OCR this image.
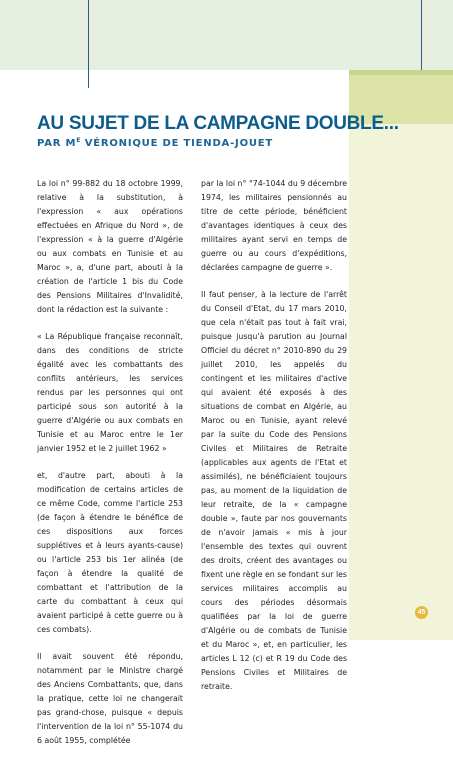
AU SUJET DE LA CAMPAGNE DOUBLE...
PAR $M^E$ VÉRONIQUE DE TIENDA-JOUET

La loi n° 99-882 du 18 octobre 1999, relative à la substitution, à l'expression « aux opérations effectuées en Afrique du Nord », de l'expression « à la guerre d'Algérie ou aux combats en Tunisie et au Maroc », a, d'une part, abouti à la création de l'article 1 bis du Code des Pensions Militaires d'Invalidité, dont la rédaction est la suivante :

« La République française reconnaît, dans des conditions de stricte égalité avec les combattants des conflits antérieurs, les services rendus par les personnes qui ont participé sous son autorité à la guerre d'Algérie ou aux combats en Tunisie et au Maroc entre le 1er janvier 1952 et le 2 juillet 1962 »

et, d'autre part, abouti à la modification de certains articles de ce même Code, comme l'article 253 (de façon à étendre le bénéfice de ces dispositions aux forces supplétives et à leurs ayants-cause) ou l'article 253 bis 1er alinéa (de façon à étendre la qualité de combattant et l'attribution de la carte du combattant à ceux qui avaient participé à cette guerre ou à ces combats).

Il avait souvent été répondu, notamment par le Ministre chargé des Anciens Combattants, que, dans la pratique, cette loi ne changerait pas grand-chose, puisque « depuis l'intervention de la loi n° 55-1074 du 6 août 1955, complétée

par la loi n° °74-1044 du 9 décembre 1974, les militaires pensionnés au titre de cette période, bénéficient d'avantages identiques à ceux des militaires ayant servi en temps de guerre ou au cours d'expéditions, déclarées campagne de guerre ».

Il faut penser, à la lecture de l'arrêt du Conseil d'Etat, du 17 mars 2010, que cela n'était pas tout à fait vrai, puisque jusqu'à parution au Journal Officiel du décret n° 2010-890 du 29 juillet 2010, les appelés du contingent et les militaires d'active qui avaient été exposés à des situations de combat en Algérie, au Maroc ou en Tunisie, ayant relevé par la suite du Code des Pensions Civiles et Militaires de Retraite (applicables aux agents de l'Etat et assimilés), ne bénéficiaient toujours pas, au moment de la liquidation de leur retraite, de la « campagne double », faute par nos gouvernants de n'avoir jamais « mis à jour l'ensemble des textes qui ouvrent des droits, créent des avantages ou fixent une règle en se fondant sur les services militaires accomplis au cours des périodes désormais qualifiées par la loi de guerre d'Algérie ou de combats de Tunisie et du Maroc », et, en particulier, les articles L 12 (c) et R 19 du Code des Pensions Civiles et Militaires de retraite.

45
